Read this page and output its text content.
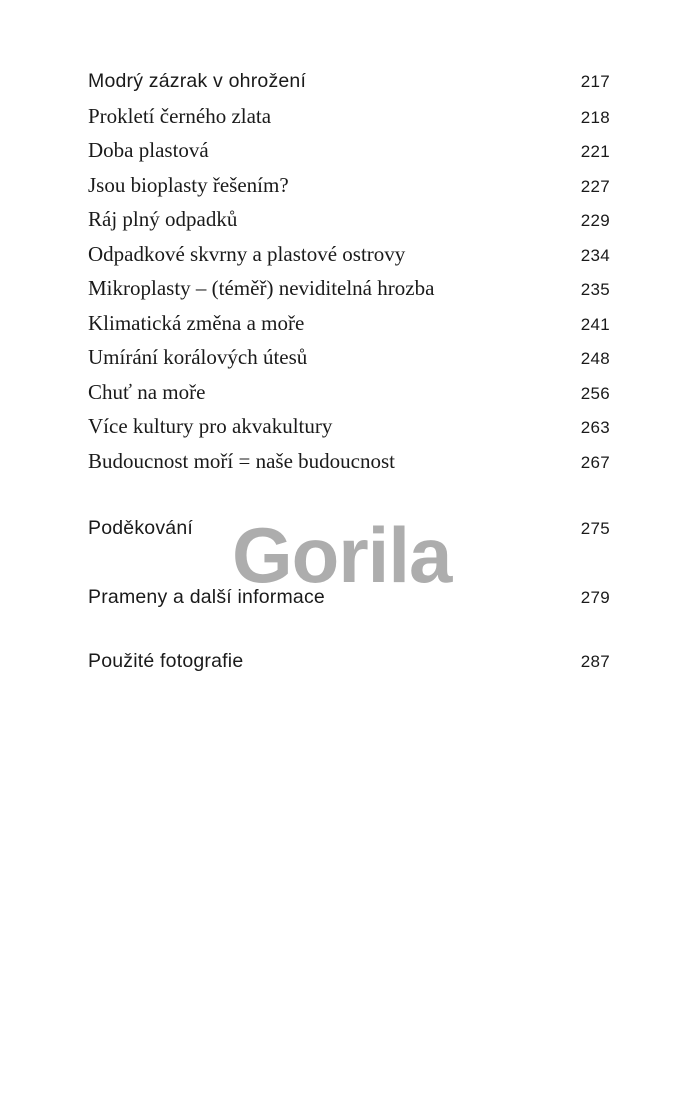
Modrý zázrak v ohrožení	217
Prokletí černého zlata	218
Doba plastová	221
Jsou bioplasty řešením?	227
Ráj plný odpadků	229
Odpadkové skvrny a plastové ostrovy	234
Mikroplasty – (téměř) neviditelná hrozba	235
Klimatická změna a moře	241
Umírání korálových útesů	248
Chuť na moře	256
Více kultury pro akvakultury	263
Budoucnost moří = naše budoucnost	267
Poděkování	275
Prameny a další informace	279
Použité fotografie	287
Gorila
